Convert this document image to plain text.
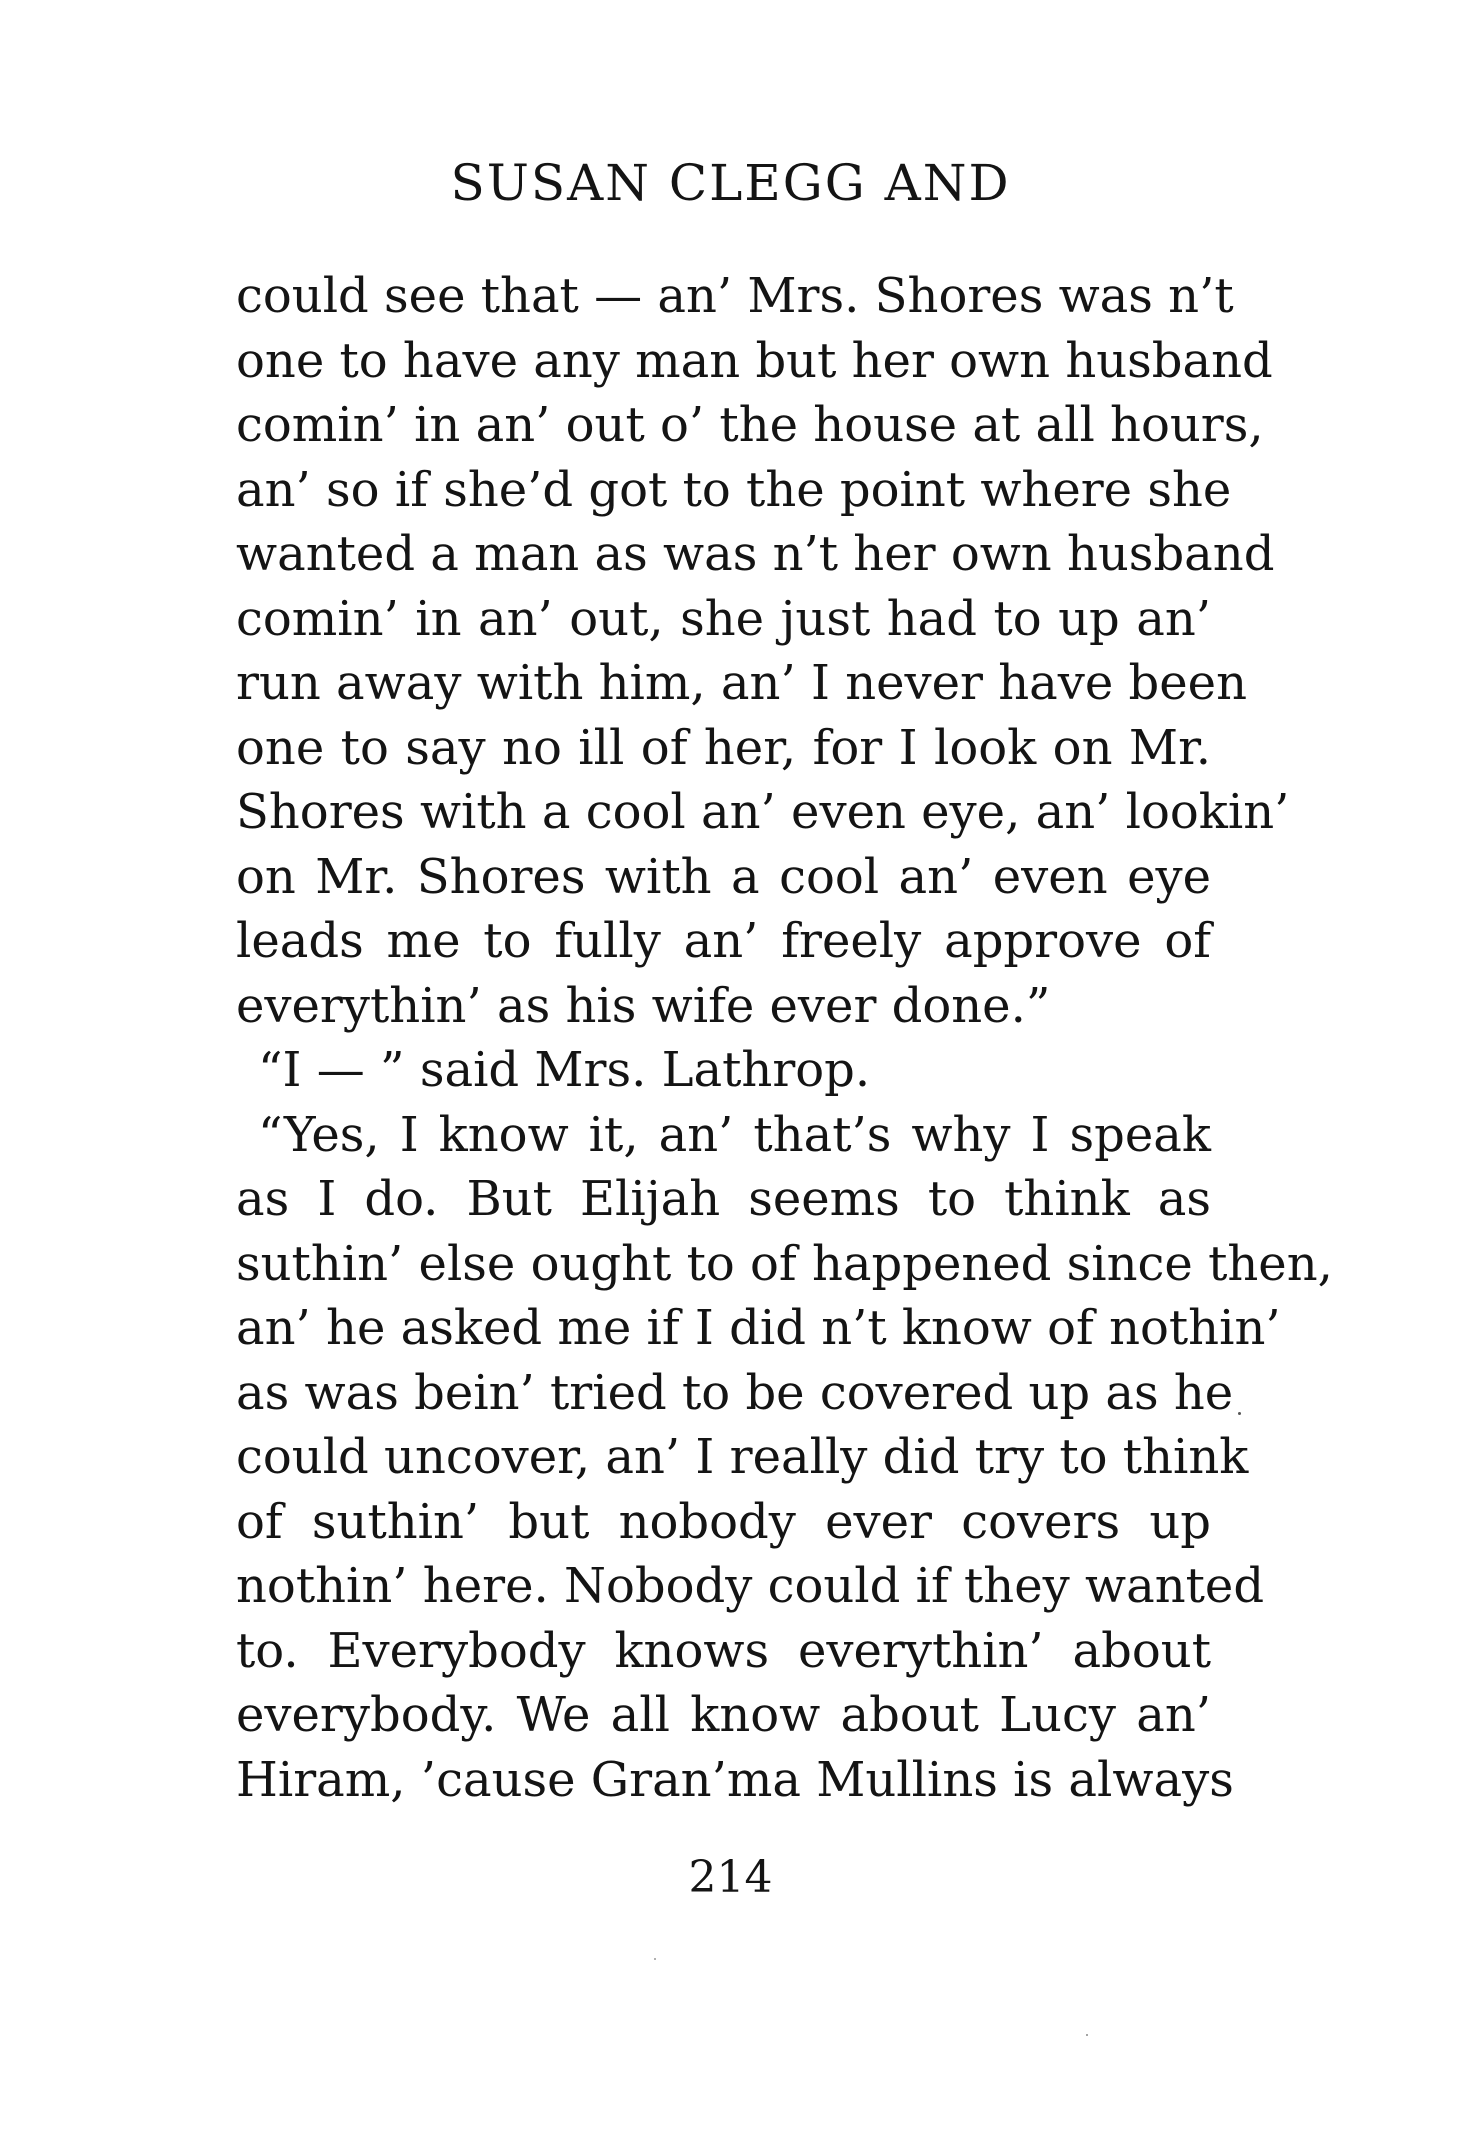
SUSAN CLEGG AND
could see that — an’ Mrs. Shores was n’t
one to have any man but her own husband
comin’ in an’ out o’ the house at all hours,
an’ so if she’d got to the point where she
wanted a man as was n’t her own husband
comin’ in an’ out, she just had to up an’
run away with him, an’ I never have been
one to say no ill of her, for I look on Mr.
Shores with a cool an’ even eye, an’ lookin’
on Mr. Shores with a cool an’ even eye
leads me to fully an’ freely approve of
everythin’ as his wife ever done.”
“I — ” said Mrs. Lathrop.
“Yes, I know it, an’ that’s why I speak
as I do. But Elijah seems to think as
suthin’ else ought to of happened since then,
an’ he asked me if I did n’t know of nothin’
as was bein’ tried to be covered up as he
could uncover, an’ I really did try to think
of suthin’ but nobody ever covers up
nothin’ here. Nobody could if they wanted
to. Everybody knows everythin’ about
everybody. We all know about Lucy an’
Hiram, ’cause Gran’ma Mullins is always
214
